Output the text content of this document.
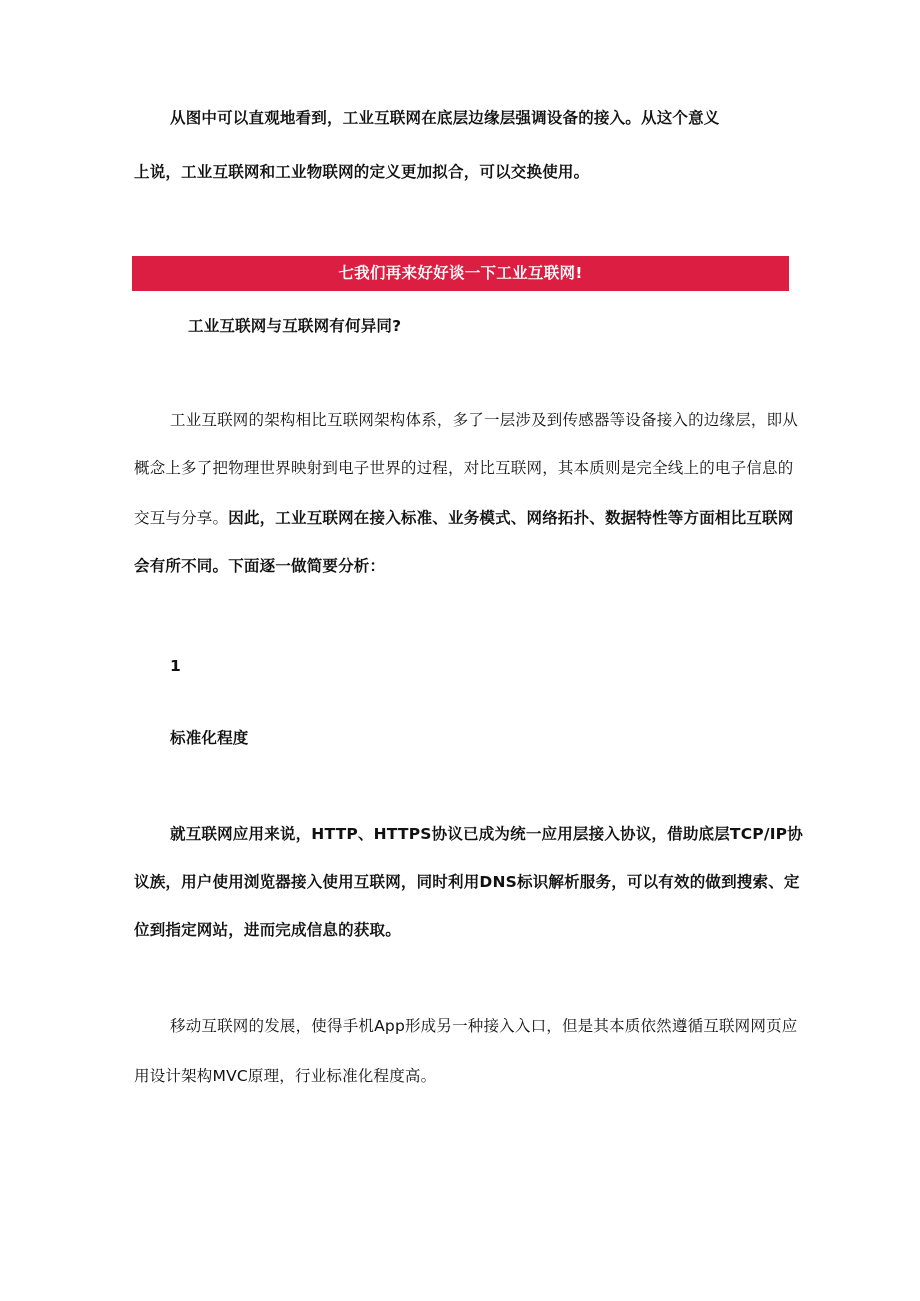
从图中可以直观地看到，工业互联网在底层边缘层强调设备的接入。从这个意义
上说，工业互联网和工业物联网的定义更加拟合，可以交换使用。
七我们再来好好谈一下工业互联网!
工业互联网与互联网有何异同?
工业互联网的架构相比互联网架构体系，多了一层涉及到传感器等设备接入的边缘层，即从
概念上多了把物理世界映射到电子世界的过程，对比互联网，其本质则是完全线上的电子信息的
交互与分享。因此，工业互联网在接入标准、业务模式、网络拓扑、数据特性等方面相比互联网
会有所不同。下面逐一做简要分析：
1
标准化程度
就互联网应用来说，HTTP、HTTPS协议已成为统一应用层接入协议，借助底层TCP/IP协
议族，用户使用浏览器接入使用互联网，同时利用DNS标识解析服务，可以有效的做到搜索、定
位到指定网站，进而完成信息的获取。
移动互联网的发展，使得手机App形成另一种接入入口，但是其本质依然遵循互联网网页应
用设计架构MVC原理，行业标准化程度高。
